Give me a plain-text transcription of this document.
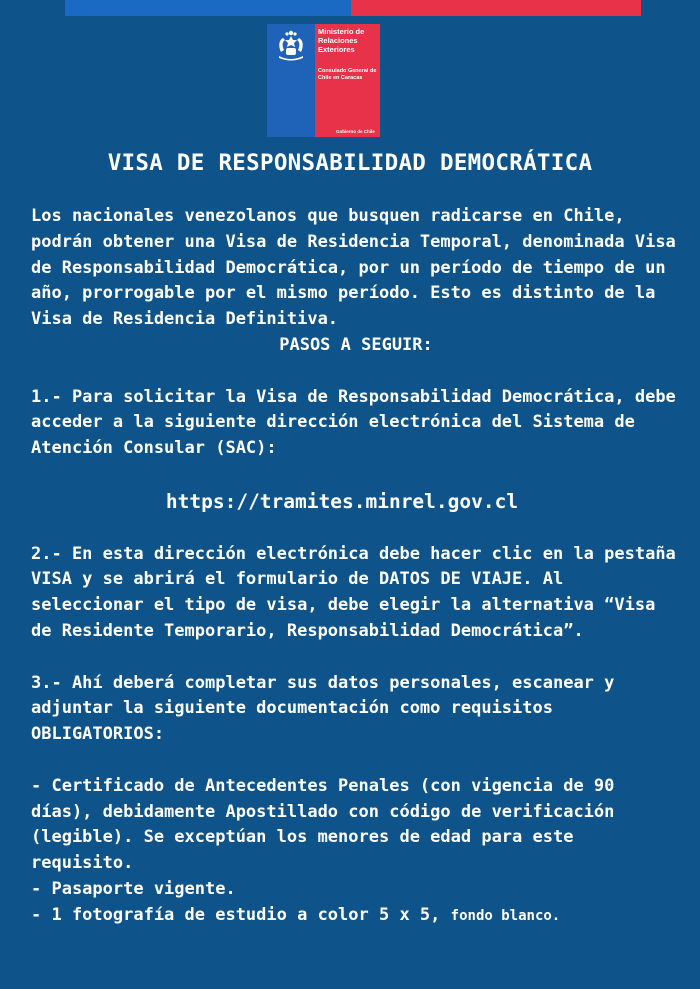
Ministerio de Relaciones Exteriores
Consulado General de Chile en Caracas
Gobierno de Chile
VISA DE RESPONSABILIDAD DEMOCRÁTICA

Los nacionales venezolanos que busquen radicarse en Chile, podrán obtener una Visa de Residencia Temporal, denominada Visa de Responsabilidad Democrática, por un período de tiempo de un año, prorrogable por el mismo período. Esto es distinto de la Visa de Residencia Definitiva.

PASOS A SEGUIR:

1.- Para solicitar la Visa de Responsabilidad Democrática, debe acceder a la siguiente dirección electrónica del Sistema de Atención Consular (SAC):

https://tramites.minrel.gov.cl

2.- En esta dirección electrónica debe hacer clic en la pestaña VISA y se abrirá el formulario de DATOS DE VIAJE. Al seleccionar el tipo de visa, debe elegir la alternativa “Visa de Residente Temporario, Responsabilidad Democrática”.

3.- Ahí deberá completar sus datos personales, escanear y adjuntar la siguiente documentación como requisitos OBLIGATORIOS:

- Certificado de Antecedentes Penales (con vigencia de 90 días), debidamente Apostillado con código de verificación (legible). Se exceptúan los menores de edad para este requisito.

- Pasaporte vigente.

- 1 fotografía de estudio a color 5 x 5, fondo blanco.
